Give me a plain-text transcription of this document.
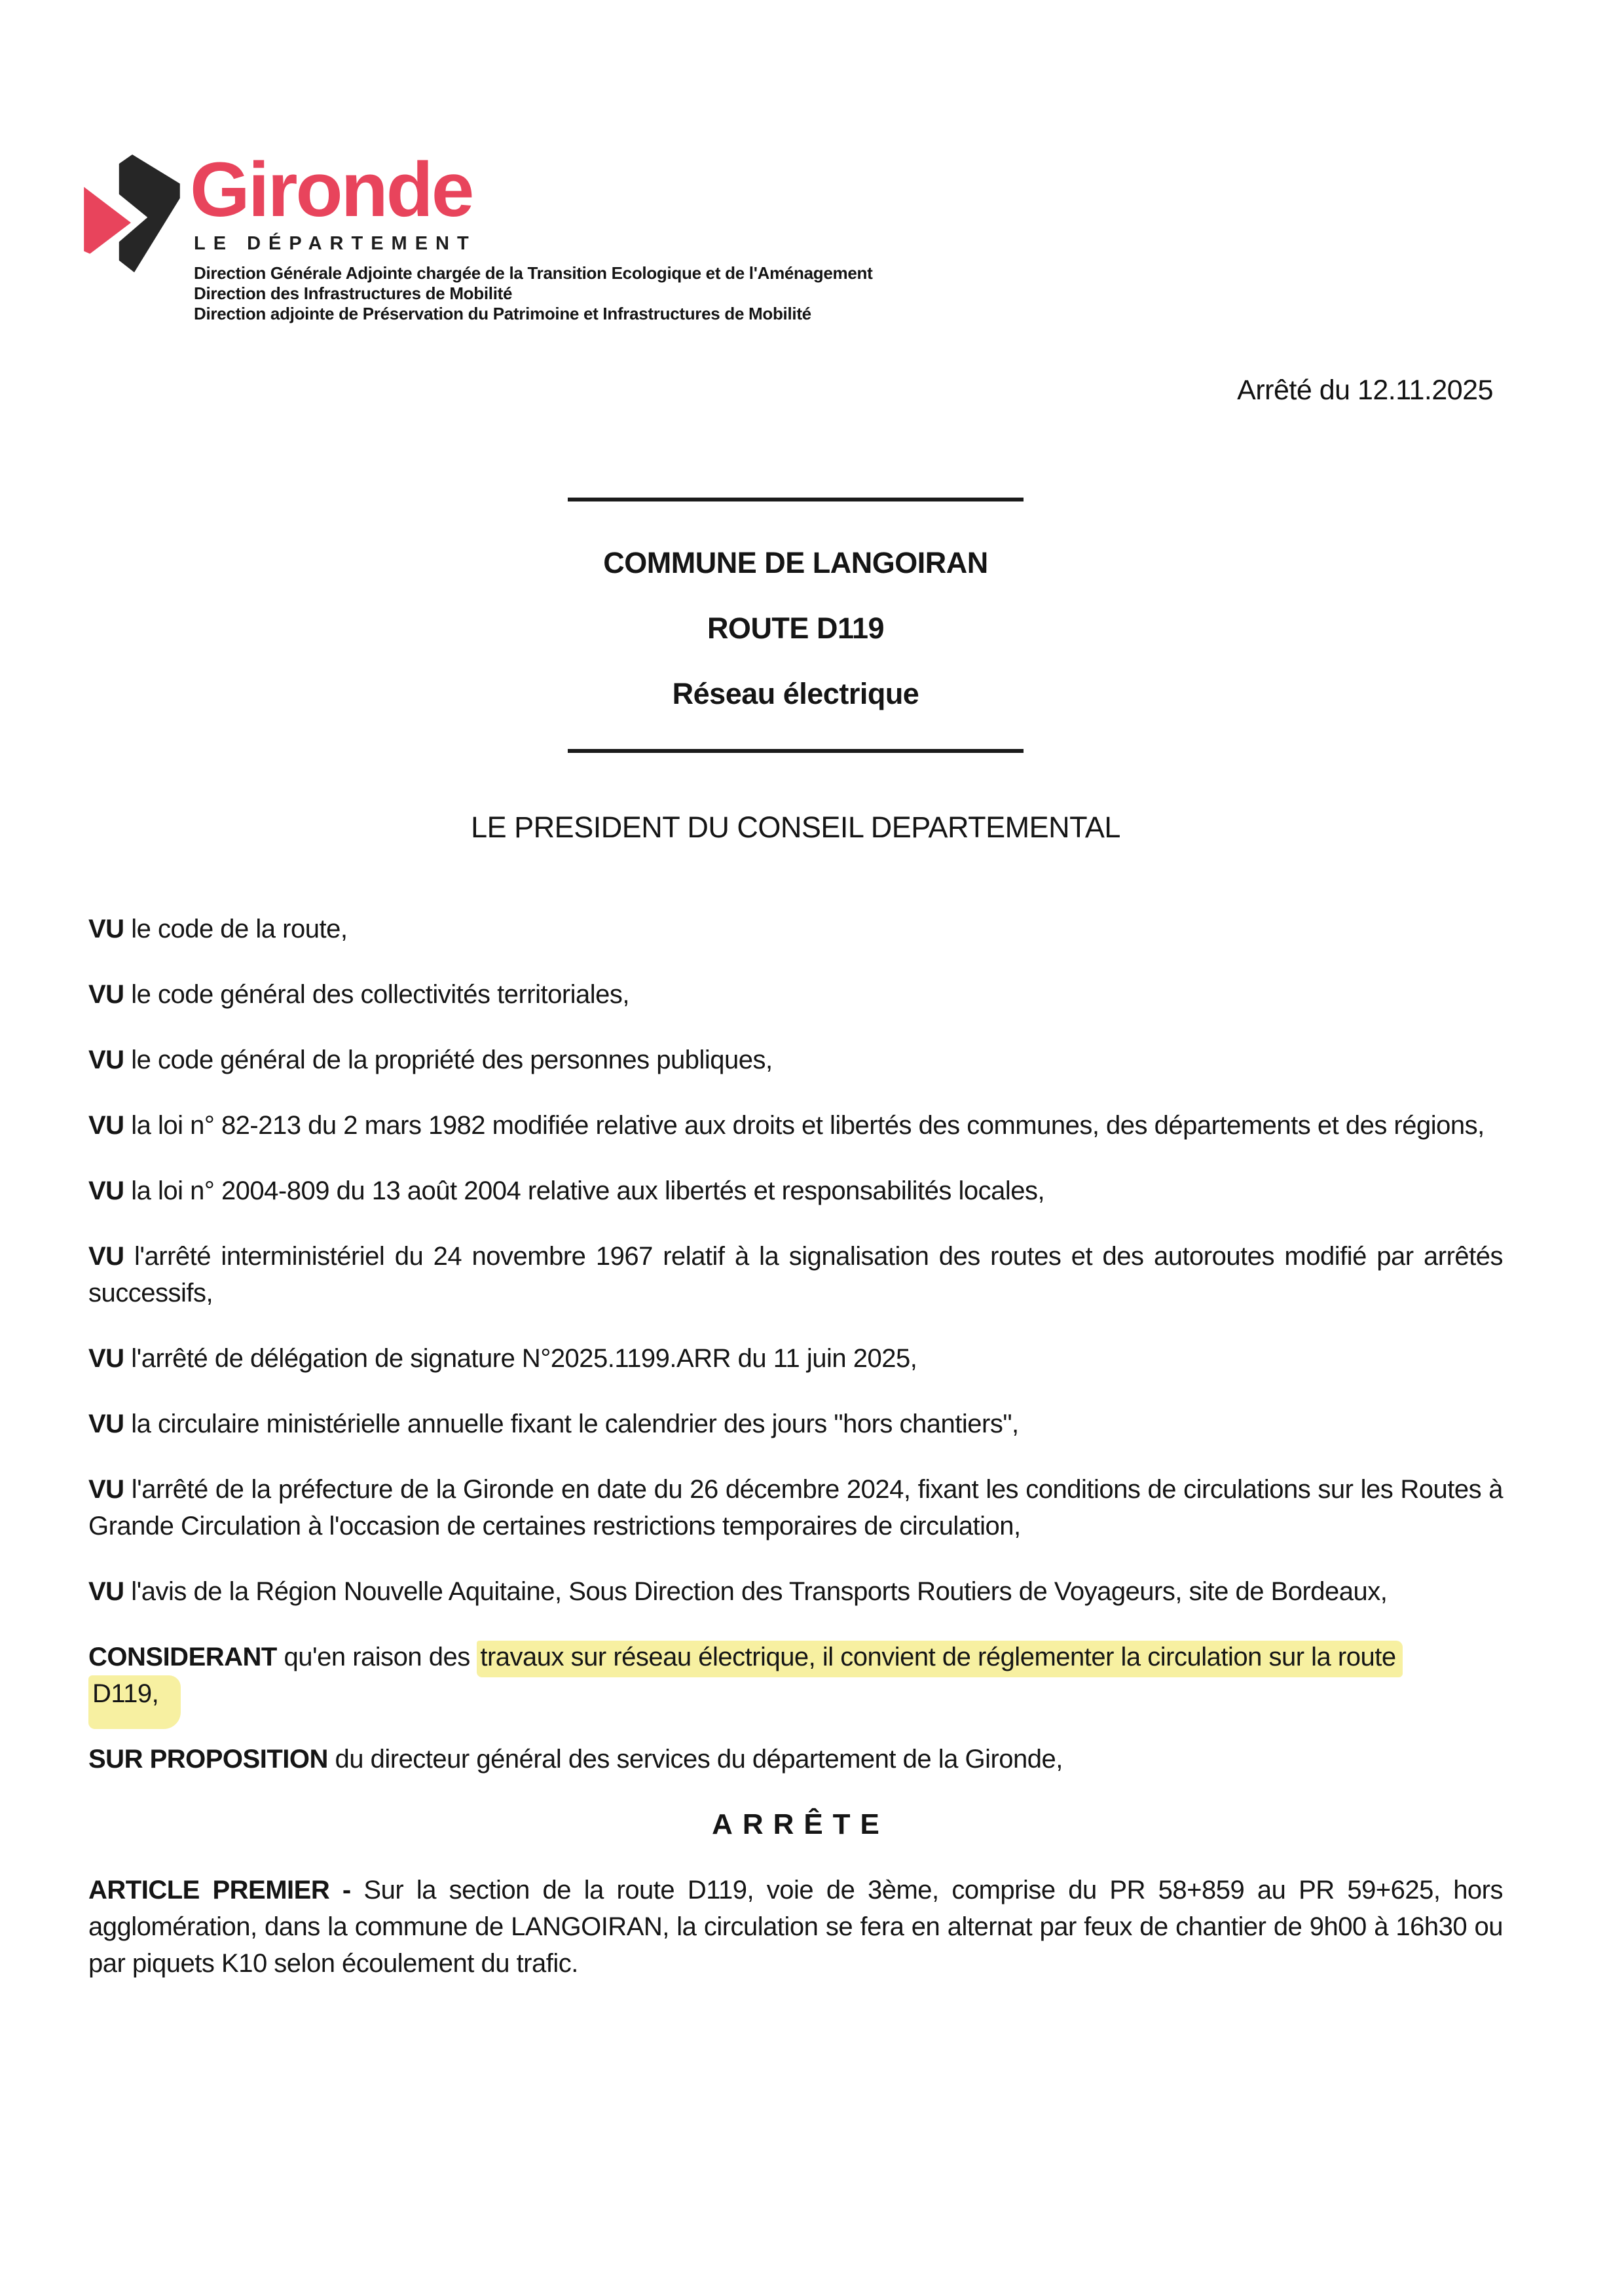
Gironde
LE DÉPARTEMENT
Direction Générale Adjointe chargée de la Transition Ecologique et de l'Aménagement
Direction des Infrastructures de Mobilité
Direction adjointe de Préservation du Patrimoine et Infrastructures de Mobilité
Arrêté du 12.11.2025
COMMUNE DE LANGOIRAN
ROUTE D119
Réseau électrique
LE PRESIDENT DU CONSEIL DEPARTEMENTAL

VU le code de la route,

VU le code général des collectivités territoriales,

VU le code général de la propriété des personnes publiques,

VU la loi n° 82-213 du 2 mars 1982 modifiée relative aux droits et libertés des communes, des départements et des régions,

VU la loi n° 2004-809 du 13 août 2004 relative aux libertés et responsabilités locales,

VU l'arrêté interministériel du 24 novembre 1967 relatif à la signalisation des routes et des autoroutes modifié par arrêtés successifs,

VU l'arrêté de délégation de signature N°2025.1199.ARR du 11 juin 2025,

VU la circulaire ministérielle annuelle fixant le calendrier des jours "hors chantiers",

VU l'arrêté de la préfecture de la Gironde en date du 26 décembre 2024, fixant les conditions de circulations sur les Routes à Grande Circulation à l'occasion de certaines restrictions temporaires de circulation,

VU l'avis de la Région Nouvelle Aquitaine, Sous Direction des Transports Routiers de Voyageurs, site de Bordeaux,

CONSIDERANT qu'en raison des travaux sur réseau électrique, il convient de réglementer la circulation sur la route
D119,

SUR PROPOSITION du directeur général des services du département de la Gironde,

ARRÊTE

ARTICLE PREMIER - Sur la section de la route D119, voie de 3ème, comprise du PR 58+859 au PR 59+625, hors agglomération, dans la commune de LANGOIRAN, la circulation se fera en alternat par feux de chantier de 9h00 à 16h30 ou par piquets K10 selon écoulement du trafic.
